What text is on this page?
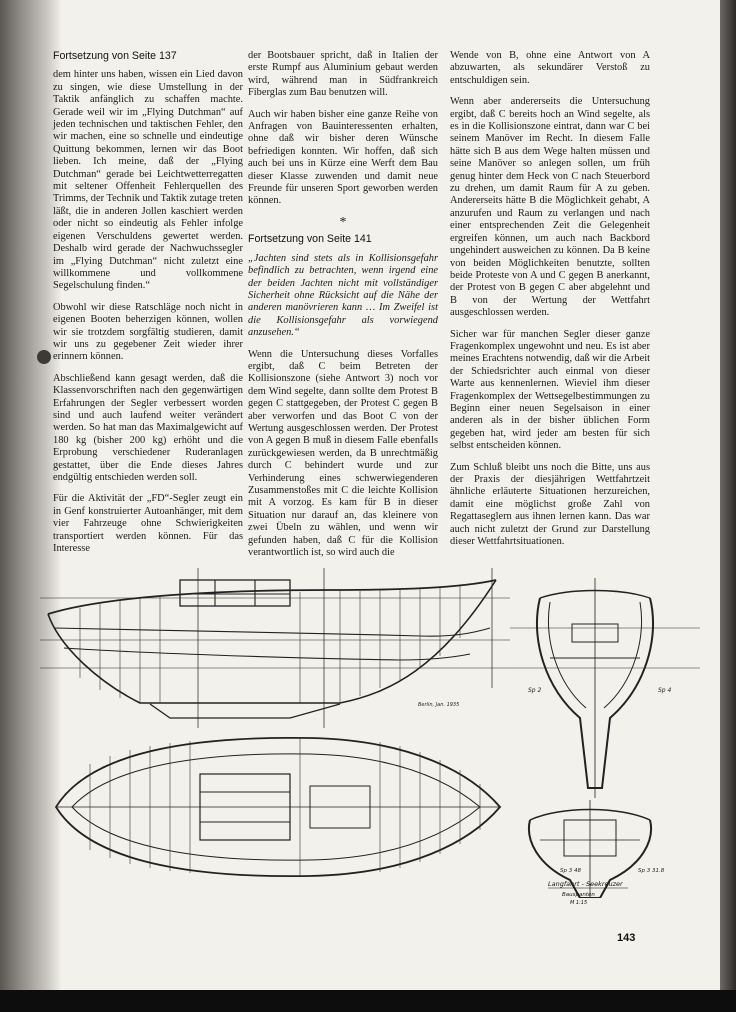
Fortsetzung von Seite 137

dem hinter uns haben, wissen ein Lied davon zu singen, wie diese Umstellung in der Taktik anfänglich zu schaffen machte. Gerade weil wir im „Flying Dutchman“ auf jeden technischen und taktischen Fehler, den wir machen, eine so schnelle und eindeutige Quittung bekommen, lernen wir das Boot lieben. Ich meine, daß der „Flying Dutchman“ gerade bei Leichtwetterregatten mit seltener Offenheit Fehlerquellen des Trimms, der Technik und Taktik zutage treten läßt, die in anderen Jollen kaschiert werden oder nicht so eindeutig als Fehler infolge eigenen Verschuldens gewertet werden. Deshalb wird gerade der Nachwuchssegler im „Flying Dutchman“ nicht zuletzt eine willkommene und vollkommene Segelschulung finden.“

Obwohl wir diese Ratschläge noch nicht in eigenen Booten beherzigen können, wollen wir sie trotzdem sorgfältig studieren, damit wir uns zu gegebener Zeit wieder ihrer erinnern können.

Abschließend kann gesagt werden, daß die Klassenvorschriften nach den gegenwärtigen Erfahrungen der Segler verbessert worden sind und auch laufend weiter verändert werden. So hat man das Maximalgewicht auf 180 kg (bisher 200 kg) erhöht und die Erprobung verschiedener Ruderanlagen gestattet, über die Ende dieses Jahres endgültig entschieden werden soll.

Für die Aktivität der „FD“-Segler zeugt ein in Genf konstruierter Autoanhänger, mit dem vier Fahrzeuge ohne Schwierigkeiten transportiert werden können. Für das Interesse

der Bootsbauer spricht, daß in Italien der erste Rumpf aus Aluminium gebaut werden wird, während man in Südfrankreich Fiberglas zum Bau benutzen will.

Auch wir haben bisher eine ganze Reihe von Anfragen von Bauinteressenten erhalten, ohne daß wir bisher deren Wünsche befriedigen konnten. Wir hoffen, daß sich auch bei uns in Kürze eine Werft dem Bau dieser Klasse zuwenden und damit neue Freunde für unseren Sport geworben werden können.

*
Fortsetzung von Seite 141

„Jachten sind stets als in Kollisionsgefahr befindlich zu betrachten, wenn irgend eine der beiden Jachten nicht mit vollständiger Sicherheit ohne Rücksicht auf die Nähe der anderen manövrieren kann … Im Zweifel ist die Kollisionsgefahr als vorwiegend anzusehen.“

Wenn die Untersuchung dieses Vorfalles ergibt, daß C beim Betreten der Kollisionszone (siehe Antwort 3) noch vor dem Wind segelte, dann sollte dem Protest B gegen C stattgegeben, der Protest C gegen B aber verworfen und das Boot C von der Wertung ausgeschlossen werden. Der Protest von A gegen B muß in diesem Falle ebenfalls zurückgewiesen werden, da B unrechtmäßig durch C behindert wurde und zur Verhinderung eines schwerwiegenderen Zusammenstoßes mit C die leichte Kollision mit A vorzog. Es kam für B in dieser Situation nur darauf an, das kleinere von zwei Übeln zu wählen, und wenn wir gefunden haben, daß C für die Kollision verantwortlich ist, so wird auch die

Wende von B, ohne eine Antwort von A abzuwarten, als sekundärer Verstoß zu entschuldigen sein.

Wenn aber andererseits die Untersuchung ergibt, daß C bereits hoch an Wind segelte, als es in die Kollisionszone eintrat, dann war C bei seinem Manöver im Recht. In diesem Falle hätte sich B aus dem Wege halten müssen und seine Manöver so anlegen sollen, um früh genug hinter dem Heck von C nach Steuerbord zu drehen, um damit Raum für A zu geben. Andererseits hätte B die Möglichkeit gehabt, A anzurufen und Raum zu verlangen und nach einer entsprechenden Zeit die Gelegenheit ergreifen können, um auch nach Backbord ungehindert ausweichen zu können. Da B keine von beiden Möglichkeiten benutzte, sollten beide Proteste von A und C gegen B anerkannt, der Protest von B gegen C aber abgelehnt und B von der Wertung der Wettfahrt ausgeschlossen werden.

Sicher war für manchen Segler dieser ganze Fragenkomplex ungewohnt und neu. Es ist aber meines Erachtens notwendig, daß wir die Arbeit der Schiedsrichter auch einmal von dieser Warte aus kennenlernen. Wieviel ihm dieser Fragenkomplex der Wettsegelbestimmungen zu Beginn einer neuen Segelsaison in einer anderen als in der bisher üblichen Form gegeben hat, wird jeder am besten für sich selbst entscheiden können.

Zum Schluß bleibt uns noch die Bitte, uns aus der Praxis der diesjährigen Wettfahrtzeit ähnliche erläuterte Situationen herzureichen, damit eine möglichst große Zahl von Regattaseglern aus ihnen lernen kann. Das war auch nicht zuletzt der Grund zur Darstellung dieser Wettfahrtsituationen.

Berlin, Jan. 1935
Sp 2	Sp 4
Sp 3 48	Sp 3 31.8
Langfahrt - Seekreuzer
Bauspanten
M 1:15
143
